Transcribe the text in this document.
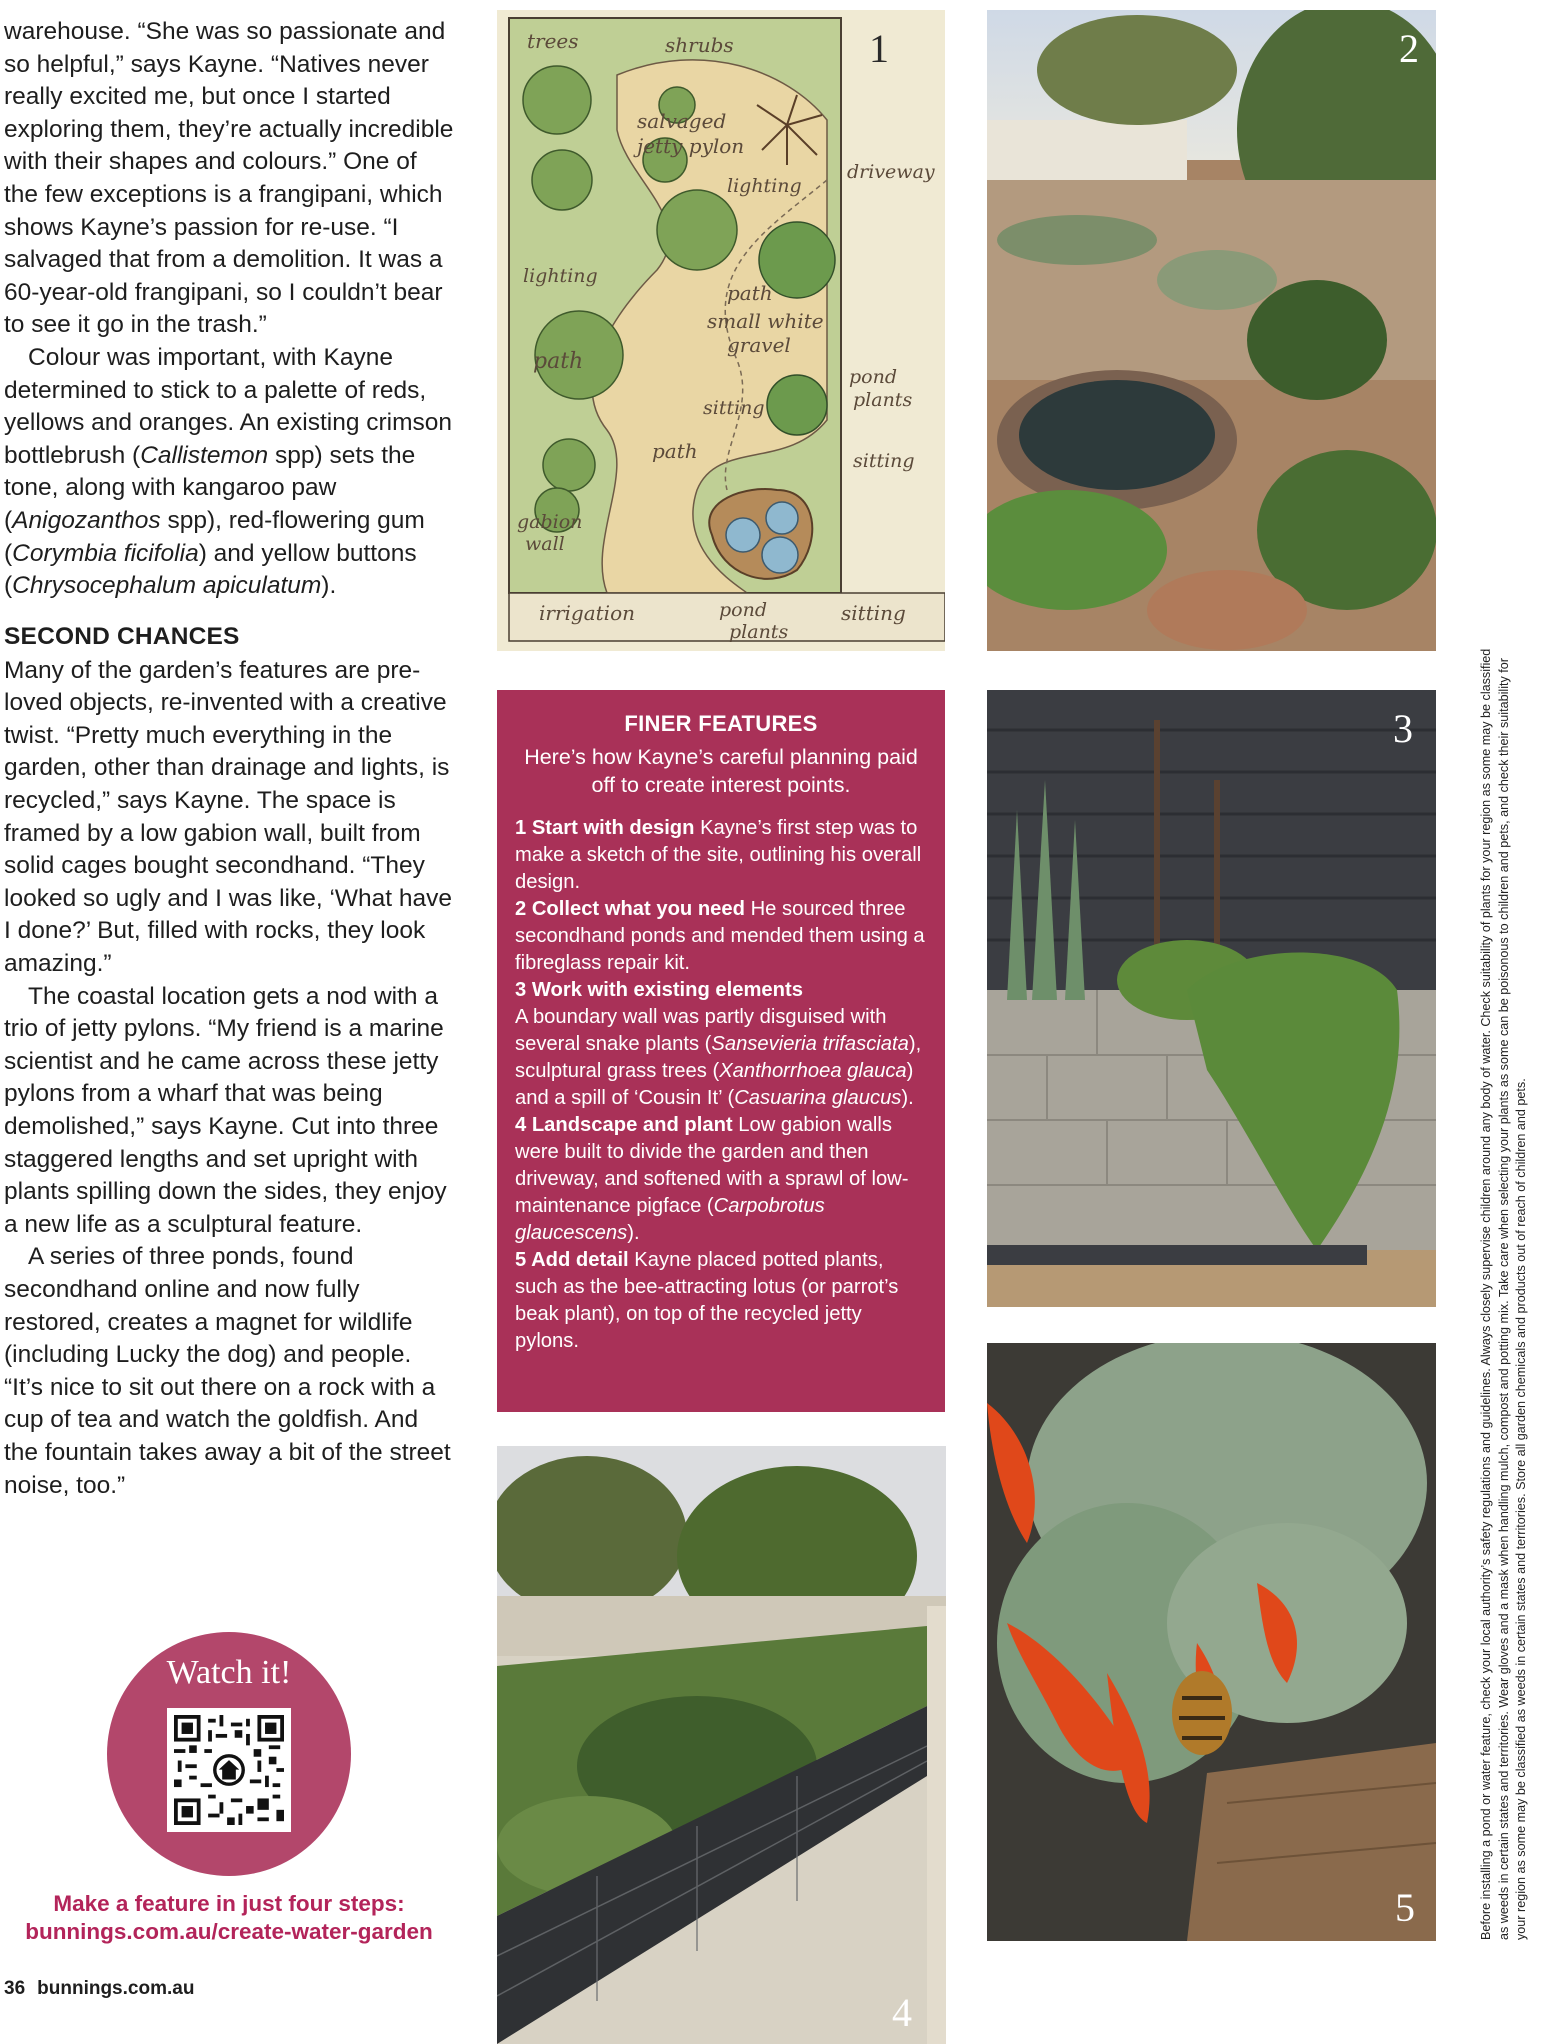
warehouse. “She was so passionate and so helpful,” says Kayne. “Natives never really excited me, but once I started exploring them, they’re actually incredible with their shapes and colours.” One of the few exceptions is a frangipani, which shows Kayne’s passion for re-use. “I salvaged that from a demolition. It was a 60-year-old frangipani, so I couldn’t bear to see it go in the trash.”

Colour was important, with Kayne determined to stick to a palette of reds, yellows and oranges. An existing crimson bottlebrush (Callistemon spp) sets the tone, along with kangaroo paw (Anigozanthos spp), red-flowering gum (Corymbia ficifolia) and yellow buttons (Chrysocephalum apiculatum).

SECOND CHANCES

Many of the garden’s features are pre-loved objects, re-invented with a creative twist. “Pretty much everything in the garden, other than drainage and lights, is recycled,” says Kayne. The space is framed by a low gabion wall, built from solid cages bought secondhand. “They looked so ugly and I was like, ‘What have I done?’ But, filled with rocks, they look amazing.”

The coastal location gets a nod with a trio of jetty pylons. “My friend is a marine scientist and he came across these jetty pylons from a wharf that was being demolished,” says Kayne. Cut into three staggered lengths and set upright with plants spilling down the sides, they enjoy a new life as a sculptural feature.

A series of three ponds, found secondhand online and now fully restored, creates a magnet for wildlife (including Lucky the dog) and people. “It’s nice to sit out there on a rock with a cup of tea and watch the goldfish. And the fountain takes away a bit of the street noise, too.”

Watch it!
Make a feature in just four steps:
bunnings.com.au/create-water-garden
36 bunnings.com.au
1
trees	shrubs
salvaged
jetty pylon
lighting
driveway
lighting
path
small white
gravel
path
pond
plants
sitting
path	sitting
gabion
wall
irrigation	pond
plants
sitting
2
FINER FEATURES
Here’s how Kayne’s careful planning paid off to create interest points.

1 Start with design Kayne’s first step was to make a sketch of the site, outlining his overall design.

2 Collect what you need He sourced three secondhand ponds and mended them using a fibreglass repair kit.

3 Work with existing elements
A boundary wall was partly disguised with several snake plants (Sansevieria trifasciata), sculptural grass trees (Xanthorrhoea glauca) and a spill of ‘Cousin It’ (Casuarina glaucus).

4 Landscape and plant Low gabion walls were built to divide the garden and then driveway, and softened with a sprawl of low-maintenance pigface (Carpobrotus glaucescens).

5 Add detail Kayne placed potted plants, such as the bee-attracting lotus (or parrot’s beak plant), on top of the recycled jetty pylons.

3
4
5	Before installing a pond or water feature, check your local authority’s safety regulations and guidelines. Always closely supervise children around any body of water. Check suitability of plants for your region as some may be classified as weeds in certain states and territories. Wear gloves and a mask when handling mulch, compost and potting mix. Take care when selecting your plants as some can be poisonous to children and pets, and check their suitability for your region as some may be classified as weeds in certain states and territories. Store all garden chemicals and products out of reach of children and pets.
